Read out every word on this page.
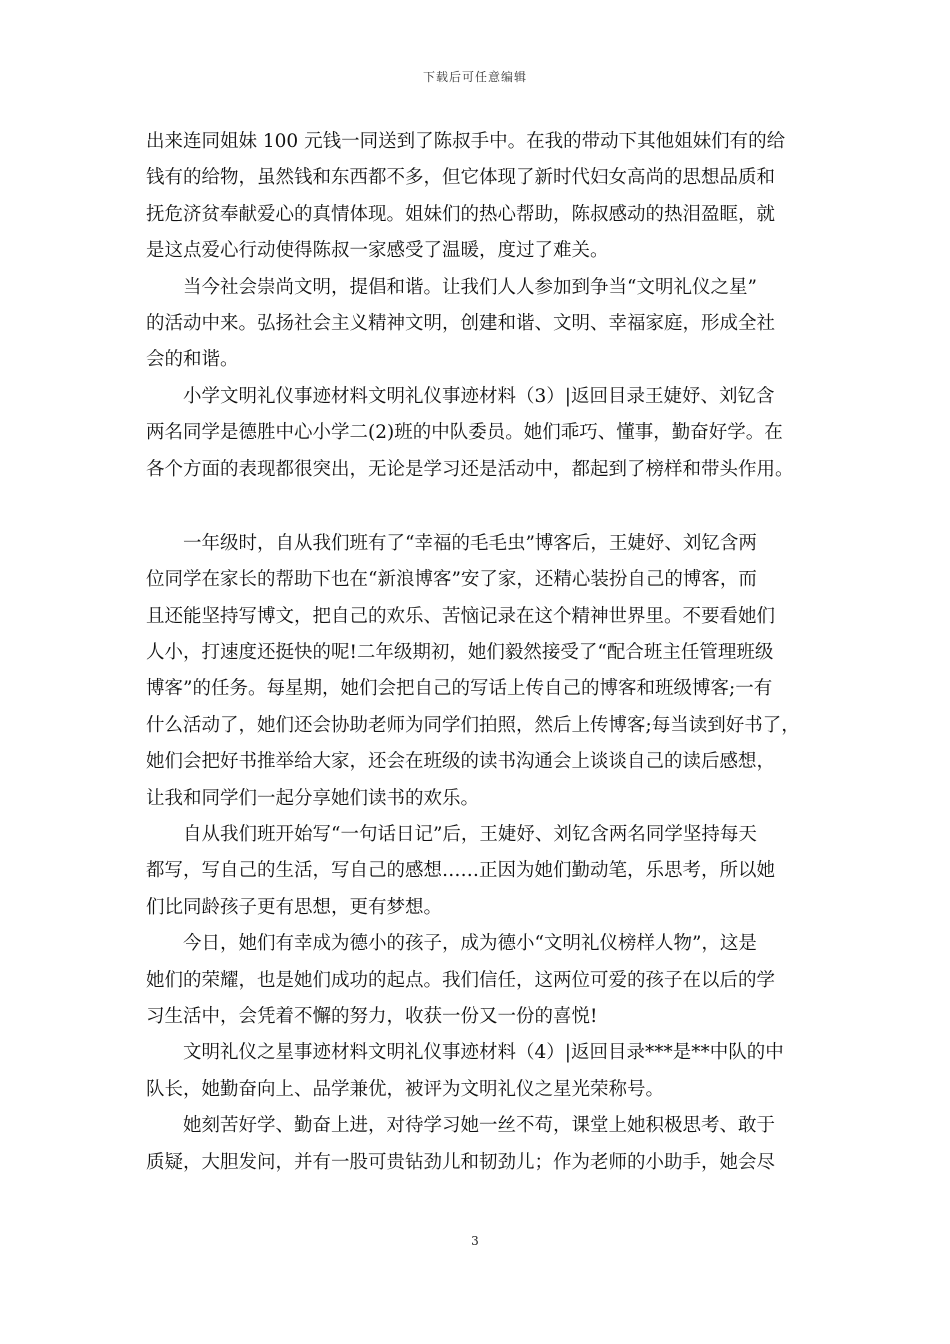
下载后可任意编辑
出来连同姐妹 100 元钱一同送到了陈叔手中。在我的带动下其他姐妹们有的给
钱有的给物，虽然钱和东西都不多，但它体现了新时代妇女高尚的思想品质和
抚危济贫奉献爱心的真情体现。姐妹们的热心帮助，陈叔感动的热泪盈眶，就
是这点爱心行动使得陈叔一家感受了温暖，度过了难关。
当今社会崇尚文明，提倡和谐。让我们人人参加到争当“文明礼仪之星”
的活动中来。弘扬社会主义精神文明，创建和谐、文明、幸福家庭，形成全社
会的和谐。
小学文明礼仪事迹材料文明礼仪事迹材料（3）|返回目录王婕妤、刘钇含
两名同学是德胜中心小学二(2)班的中队委员。她们乖巧、懂事，勤奋好学。在
各个方面的表现都很突出，无论是学习还是活动中，都起到了榜样和带头作用。
一年级时，自从我们班有了“幸福的毛毛虫”博客后，王婕妤、刘钇含两
位同学在家长的帮助下也在“新浪博客”安了家，还精心装扮自己的博客，而
且还能坚持写博文，把自己的欢乐、苦恼记录在这个精神世界里。不要看她们
人小，打速度还挺快的呢!二年级期初，她们毅然接受了“配合班主任管理班级
博客”的任务。每星期，她们会把自己的写话上传自己的博客和班级博客;一有
什么活动了，她们还会协助老师为同学们拍照，然后上传博客;每当读到好书了，
她们会把好书推举给大家，还会在班级的读书沟通会上谈谈自己的读后感想，
让我和同学们一起分享她们读书的欢乐。
自从我们班开始写“一句话日记”后，王婕妤、刘钇含两名同学坚持每天
都写，写自己的生活，写自己的感想……正因为她们勤动笔，乐思考，所以她
们比同龄孩子更有思想，更有梦想。
今日，她们有幸成为德小的孩子，成为德小“文明礼仪榜样人物”，这是
她们的荣耀，也是她们成功的起点。我们信任，这两位可爱的孩子在以后的学
习生活中，会凭着不懈的努力，收获一份又一份的喜悦!
文明礼仪之星事迹材料文明礼仪事迹材料（4）|返回目录***是**中队的中
队长，她勤奋向上、品学兼优，被评为文明礼仪之星光荣称号。
她刻苦好学、勤奋上进，对待学习她一丝不苟，课堂上她积极思考、敢于
质疑，大胆发问，并有一股可贵钻劲儿和韧劲儿；作为老师的小助手，她会尽
3
